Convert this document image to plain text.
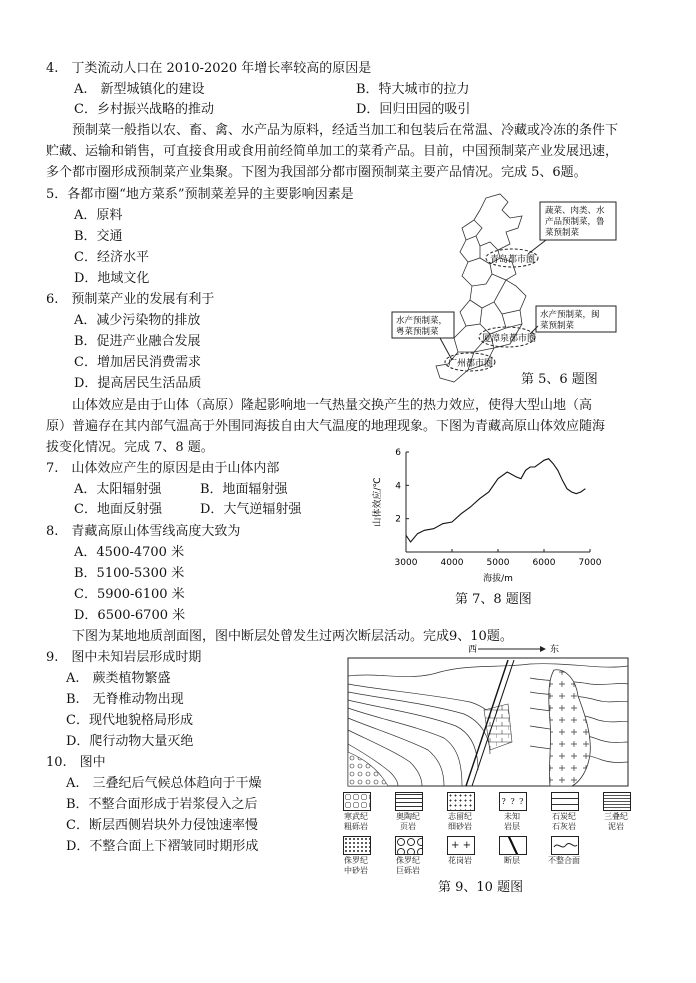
4.　丁类流动人口在 2010-2020 年增长率较高的原因是
A.　新型城镇化的建设	B．特大城市的拉力
C．乡村振兴战略的推动	D．回归田园的吸引
　　预制菜一般指以农、畜、禽、水产品为原料，经适当加工和包装后在常温、冷藏或冷冻的条件下
贮藏、运输和销售，可直接食用或食用前经简单加工的菜肴产品。目前，中国预制菜产业发展迅速，
多个都市圈形成预制菜产业集聚。下图为我国部分都市圈预制菜主要产品情况。完成 5、6题。
5．各都市圈“地方菜系”预制菜差异的主要影响因素是
A．原料
B．交通
C．经济水平
D．地域文化
6.　预制菜产业的发展有利于
A．减少污染物的排放
B．促进产业融合发展
C．增加居民消费需求
D．提高居民生活品质
青岛都市圈
厦漳泉都市圈
广州都市圈
蔬菜、肉类、水
产品预制菜，鲁
菜预制菜
水产预制菜，
粤菜预制菜
水产预制菜，闽
菜预制菜
第 5、6 题图
　　山体效应是由于山体（高原）隆起影响地一气热量交换产生的热力效应，使得大型山地（高
原）普遍存在其内部气温高于外围同海拔自由大气温度的地理现象。下图为青藏高原山体效应随海
拔变化情况。完成 7、8 题。
7.　山体效应产生的原因是由于山体内部
A．太阳辐射强	B．地面辐射强
C．地面反射强	D．大气逆辐射强
8.　青藏高原山体雪线高度大致为
A．4500-4700 米
B．5100-5300 米
C．5900-6100 米
D．6500-6700 米
3000	4000	5000	6000	7000
2
4
6
海拔/m
山体效应/℃
第 7、8 题图
　　下图为某地地质剖面图，图中断层处曾发生过两次断层活动。完成9、10题。
9.　图中未知岩层形成时期
A.　蕨类植物繁盛
B.　无脊椎动物出现
C．现代地貌格局形成
D．爬行动物大量灭绝
10.　图中
A.　三叠纪后气候总体趋向于干燥
B．不整合面形成于岩浆侵入之后
C．断层西侧岩块外力侵蚀速率慢
D．不整合面上下褶皱同时期形成
西	东
? ? ?
寒武纪
粗砾岩
奥陶纪
页岩
志留纪
细砂岩
未知
岩层
石炭纪
石灰岩
三叠纪
泥岩
+ +
侏罗纪
中砂岩
侏罗纪
巨砾岩
花岗岩	断层	不整合面
第 9、10 题图
